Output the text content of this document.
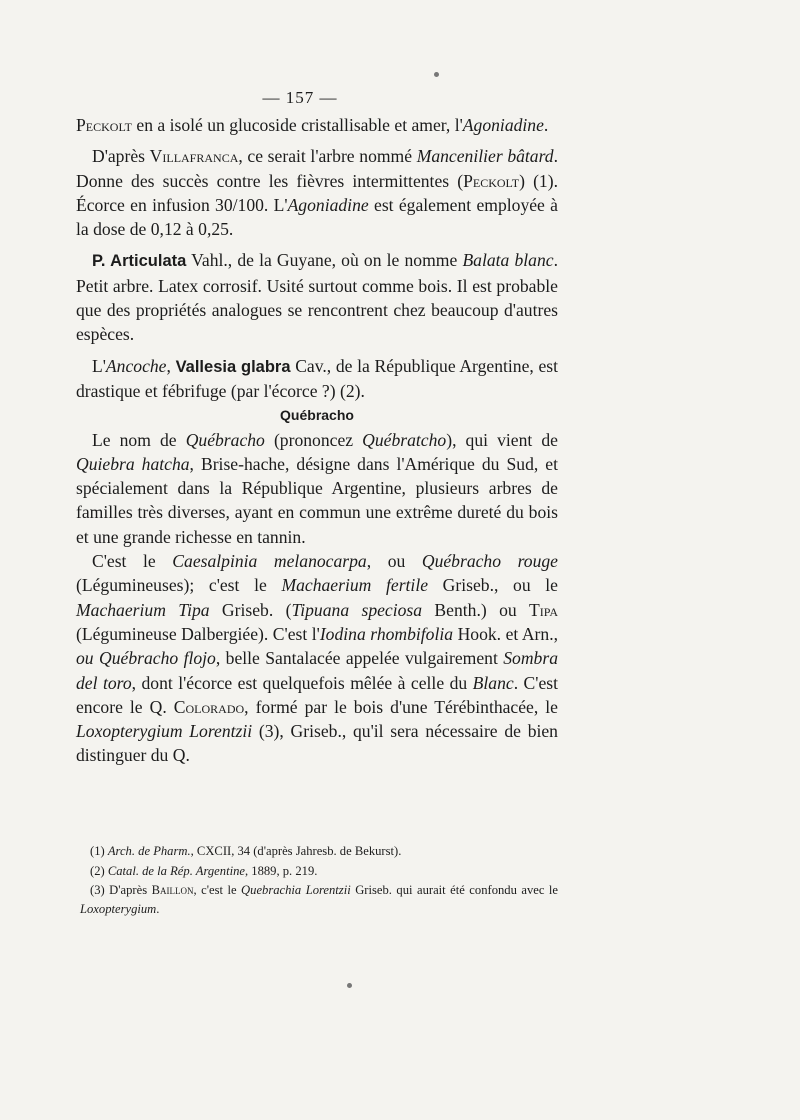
— 157 —

Peckolt en a isolé un glucoside cristallisable et amer, l'Agoniadine.

D'après Villafranca, ce serait l'arbre nommé Mancenilier bâtard. Donne des succès contre les fièvres intermittentes (Peckolt) (1). Écorce en infusion 30/100. L'Agoniadine est également employée à la dose de 0,12 à 0,25.

P. Articulata Vahl., de la Guyane, où on le nomme Balata blanc. Petit arbre. Latex corrosif. Usité surtout comme bois. Il est probable que des propriétés analogues se rencontrent chez beaucoup d'autres espèces.

L'Ancoche, Vallesia glabra Cav., de la République Argentine, est drastique et fébrifuge (par l'écorce ?) (2).

Québracho

Le nom de Québracho (prononcez Québratcho), qui vient de Quiebra hatcha, Brise-hache, désigne dans l'Amérique du Sud, et spécialement dans la République Argentine, plusieurs arbres de familles très diverses, ayant en commun une extrême dureté du bois et une grande richesse en tannin.

C'est le Caesalpinia melanocarpa, ou Québracho rouge (Légumineuses); c'est le Machaerium fertile Griseb., ou le Machaerium Tipa Griseb. (Tipuana speciosa Benth.) ou Tipa (Légumineuse Dalbergiée). C'est l'Iodina rhombifolia Hook. et Arn., ou Québracho flojo, belle Santalacée appelée vulgairement Sombra del toro, dont l'écorce est quelquefois mêlée à celle du Blanc. C'est encore le Q. Colorado, formé par le bois d'une Térébinthacée, le Loxopterygium Lorentzii (3), Griseb., qu'il sera nécessaire de bien distinguer du Q.

(1) Arch. de Pharm., CXCII, 34 (d'après Jahresb. de Bekurst).

(2) Catal. de la Rép. Argentine, 1889, p. 219.

(3) D'après Baillon, c'est le Quebrachia Lorentzii Griseb. qui aurait été confondu avec le Loxopterygium.
